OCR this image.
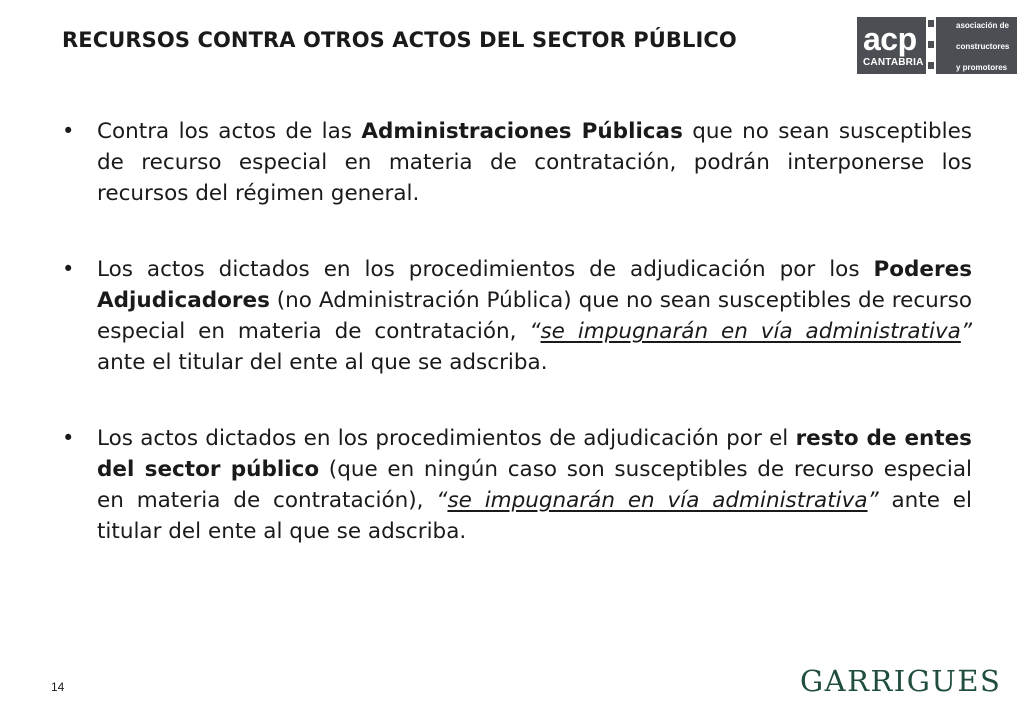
RECURSOS CONTRA OTROS ACTOS DEL SECTOR PÚBLICO	acp
CANTABRIA
asociación de
constructores
y promotores
• Contra los actos de las Administraciones Públicas que no sean susceptibles de recurso especial en materia de contratación, podrán interponerse los recursos del régimen general.
• Los actos dictados en los procedimientos de adjudicación por los Poderes Adjudicadores (no Administración Pública) que no sean susceptibles de recurso especial en materia de contratación, “se impugnarán en vía administrativa” ante el titular del ente al que se adscriba.
• Los actos dictados en los procedimientos de adjudicación por el resto de entes del sector público (que en ningún caso son susceptibles de recurso especial en materia de contratación), “se impugnarán en vía administrativa” ante el titular del ente al que se adscriba.
14	GARRIGUES
